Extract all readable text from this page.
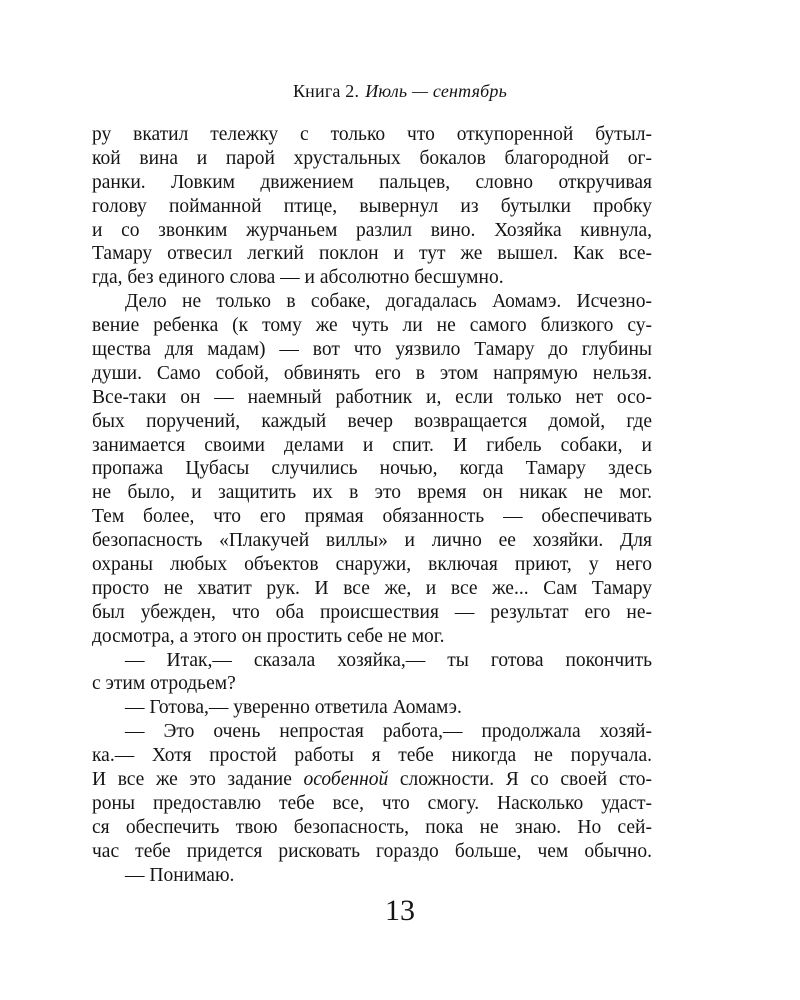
Книга 2. Июль — сентябрь
ру вкатил тележку с только что откупоренной бутыл-
кой вина и парой хрустальных бокалов благородной ог-
ранки. Ловким движением пальцев, словно откручивая
голову пойманной птице, вывернул из бутылки пробку
и со звонким журчаньем разлил вино. Хозяйка кивнула,
Тамару отвесил легкий поклон и тут же вышел. Как все-
гда, без единого слова — и абсолютно бесшумно.
Дело не только в собаке, догадалась Аомамэ. Исчезно-
вение ребенка (к тому же чуть ли не самого близкого су-
щества для мадам) — вот что уязвило Тамару до глубины
души. Само собой, обвинять его в этом напрямую нельзя.
Все-таки он — наемный работник и, если только нет осо-
бых поручений, каждый вечер возвращается домой, где
занимается своими делами и спит. И гибель собаки, и
пропажа Цубасы случились ночью, когда Тамару здесь
не было, и защитить их в это время он никак не мог.
Тем более, что его прямая обязанность — обеспечивать
безопасность «Плакучей виллы» и лично ее хозяйки. Для
охраны любых объектов снаружи, включая приют, у него
просто не хватит рук. И все же, и все же... Сам Тамару
был убежден, что оба происшествия — результат его не-
досмотра, а этого он простить себе не мог.
— Итак,— сказала хозяйка,— ты готова покончить
с этим отродьем?
— Готова,— уверенно ответила Аомамэ.
— Это очень непростая работа,— продолжала хозяй-
ка.— Хотя простой работы я тебе никогда не поручала.
И все же это задание особенной сложности. Я со своей сто-
роны предоставлю тебе все, что смогу. Насколько удаст-
ся обеспечить твою безопасность, пока не знаю. Но сей-
час тебе придется рисковать гораздо больше, чем обычно.
— Понимаю.
13
